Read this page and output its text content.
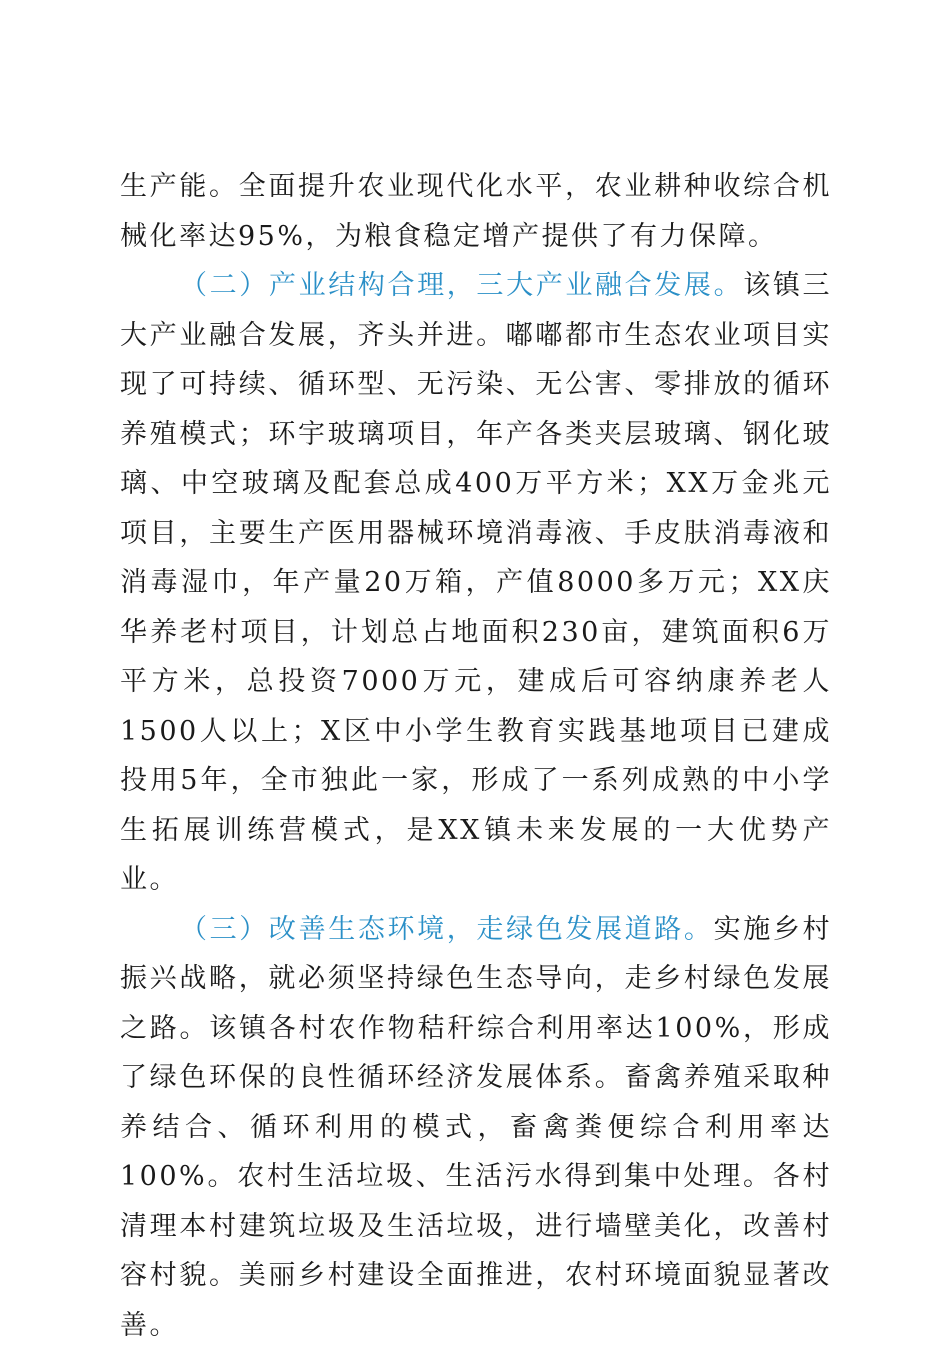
生产能。全面提升农业现代化水平，农业耕种收综合机械化率达95%，为粮食稳定增产提供了有力保障。

（二）产业结构合理，三大产业融合发展。该镇三大产业融合发展，齐头并进。嘟嘟都市生态农业项目实现了可持续、循环型、无污染、无公害、零排放的循环养殖模式；环宇玻璃项目，年产各类夹层玻璃、钢化玻璃、中空玻璃及配套总成400万平方米；XX万金兆元项目，主要生产医用器械环境消毒液、手皮肤消毒液和消毒湿巾，年产量20万箱，产值8000多万元；XX庆华养老村项目，计划总占地面积230亩，建筑面积6万平方米，总投资7000万元，建成后可容纳康养老人1500人以上；X区中小学生教育实践基地项目已建成投用5年，全市独此一家，形成了一系列成熟的中小学生拓展训练营模式，是XX镇未来发展的一大优势产业。

（三）改善生态环境，走绿色发展道路。实施乡村振兴战略，就必须坚持绿色生态导向，走乡村绿色发展之路。该镇各村农作物秸秆综合利用率达100%，形成了绿色环保的良性循环经济发展体系。畜禽养殖采取种养结合、循环利用的模式，畜禽粪便综合利用率达100%。农村生活垃圾、生活污水得到集中处理。各村清理本村建筑垃圾及生活垃圾，进行墙壁美化，改善村容村貌。美丽乡村建设全面推进，农村环境面貌显著改善。
